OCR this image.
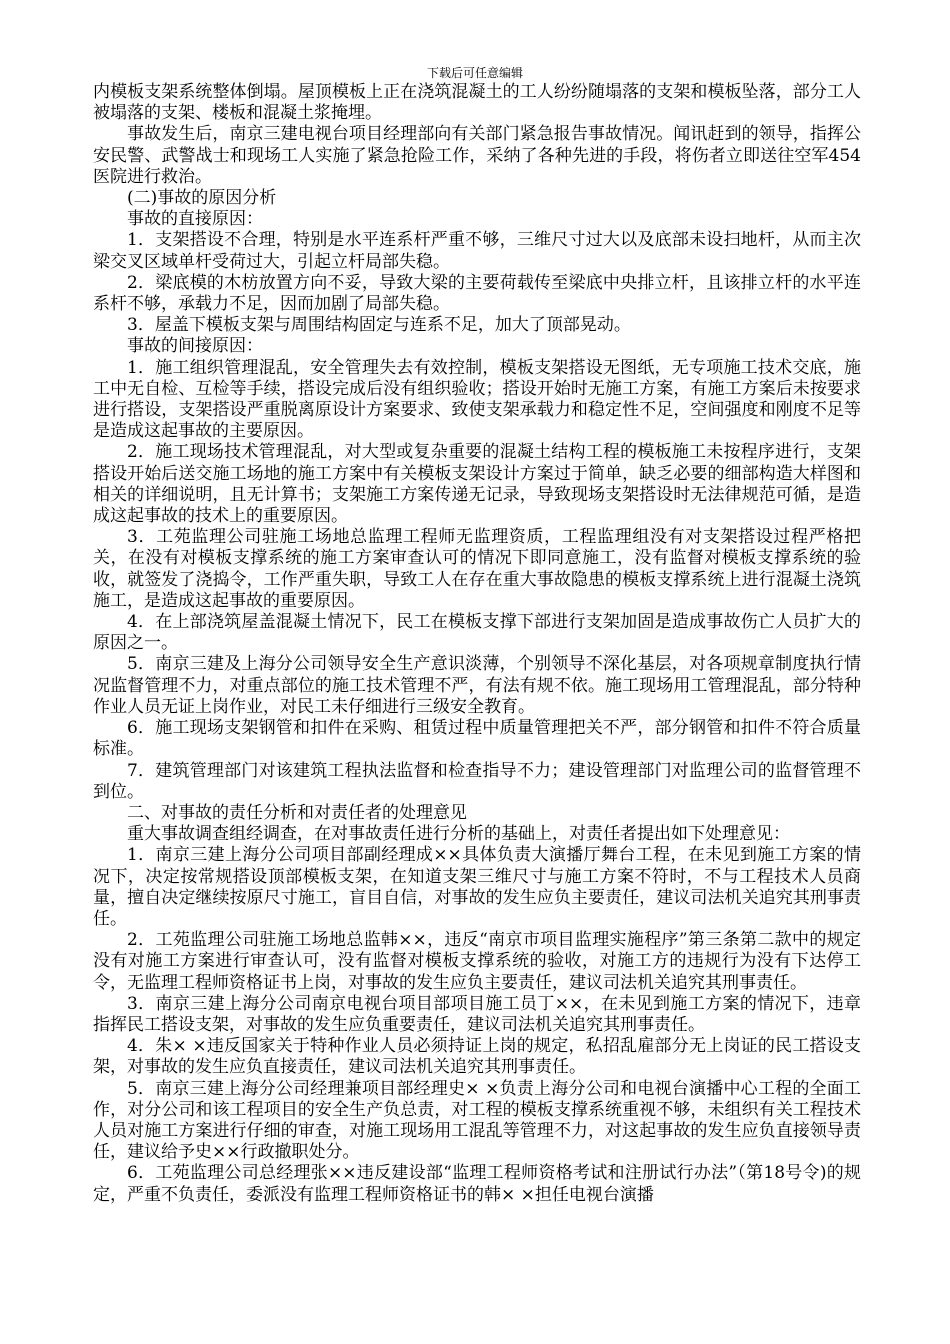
下载后可任意编辑

内模板支架系统整体倒塌。屋顶模板上正在浇筑混凝土的工人纷纷随塌落的支架和模板坠落，部分工人被塌落的支架、楼板和混凝土浆掩埋。

事故发生后，南京三建电视台项目经理部向有关部门紧急报告事故情况。闻讯赶到的领导，指挥公安民警、武警战士和现场工人实施了紧急抢险工作，采纳了各种先进的手段，将伤者立即送往空军454医院进行救治。

(二)事故的原因分析

事故的直接原因：

1．支架搭设不合理，特别是水平连系杆严重不够，三维尺寸过大以及底部未设扫地杆，从而主次梁交叉区域单杆受荷过大，引起立杆局部失稳。

2．梁底模的木枋放置方向不妥，导致大梁的主要荷载传至梁底中央排立杆，且该排立杆的水平连系杆不够，承载力不足，因而加剧了局部失稳。

3．屋盖下模板支架与周围结构固定与连系不足，加大了顶部晃动。

事故的间接原因：

1．施工组织管理混乱，安全管理失去有效控制，模板支架搭设无图纸，无专项施工技术交底，施工中无自检、互检等手续，搭设完成后没有组织验收；搭设开始时无施工方案，有施工方案后未按要求进行搭设，支架搭设严重脱离原设计方案要求、致使支架承载力和稳定性不足，空间强度和刚度不足等是造成这起事故的主要原因。

2．施工现场技术管理混乱，对大型或复杂重要的混凝土结构工程的模板施工未按程序进行，支架搭设开始后送交施工场地的施工方案中有关模板支架设计方案过于简单，缺乏必要的细部构造大样图和相关的详细说明，且无计算书；支架施工方案传递无记录，导致现场支架搭设时无法律规范可循，是造成这起事故的技术上的重要原因。

3．工苑监理公司驻施工场地总监理工程师无监理资质，工程监理组没有对支架搭设过程严格把关，在没有对模板支撑系统的施工方案审查认可的情况下即同意施工，没有监督对模板支撑系统的验收，就签发了浇捣令，工作严重失职，导致工人在存在重大事故隐患的模板支撑系统上进行混凝土浇筑施工，是造成这起事故的重要原因。

4．在上部浇筑屋盖混凝土情况下，民工在模板支撑下部进行支架加固是造成事故伤亡人员扩大的原因之一。

5．南京三建及上海分公司领导安全生产意识淡薄，个别领导不深化基层，对各项规章制度执行情况监督管理不力，对重点部位的施工技术管理不严，有法有规不依。施工现场用工管理混乱，部分特种作业人员无证上岗作业，对民工未仔细进行三级安全教育。

6．施工现场支架钢管和扣件在采购、租赁过程中质量管理把关不严，部分钢管和扣件不符合质量标准。

7．建筑管理部门对该建筑工程执法监督和检查指导不力；建设管理部门对监理公司的监督管理不到位。

二、对事故的责任分析和对责任者的处理意见

重大事故调查组经调查，在对事故责任进行分析的基础上，对责任者提出如下处理意见：

1．南京三建上海分公司项目部副经理成××具体负责大演播厅舞台工程，在未见到施工方案的情况下，决定按常规搭设顶部模板支架，在知道支架三维尺寸与施工方案不符时，不与工程技术人员商量，擅自决定继续按原尺寸施工，盲目自信，对事故的发生应负主要责任，建议司法机关追究其刑事责任。

2．工苑监理公司驻施工场地总监韩××，违反“南京市项目监理实施程序”第三条第二款中的规定没有对施工方案进行审查认可，没有监督对模板支撑系统的验收，对施工方的违规行为没有下达停工令，无监理工程师资格证书上岗，对事故的发生应负主要责任，建议司法机关追究其刑事责任。

3．南京三建上海分公司南京电视台项目部项目施工员丁××，在未见到施工方案的情况下，违章指挥民工搭设支架，对事故的发生应负重要责任，建议司法机关追究其刑事责任。

4．朱× ×违反国家关于特种作业人员必须持证上岗的规定，私招乱雇部分无上岗证的民工搭设支架，对事故的发生应负直接责任，建议司法机关追究其刑事责任。

5．南京三建上海分公司经理兼项目部经理史× ×负责上海分公司和电视台演播中心工程的全面工作，对分公司和该工程项目的安全生产负总责，对工程的模板支撑系统重视不够，未组织有关工程技术人员对施工方案进行仔细的审查，对施工现场用工混乱等管理不力，对这起事故的发生应负直接领导责任，建议给予史××行政撤职处分。

6．工苑监理公司总经理张××违反建设部“监理工程师资格考试和注册试行办法”（第18号令)的规定，严重不负责任，委派没有监理工程师资格证书的韩× ×担任电视台演播
